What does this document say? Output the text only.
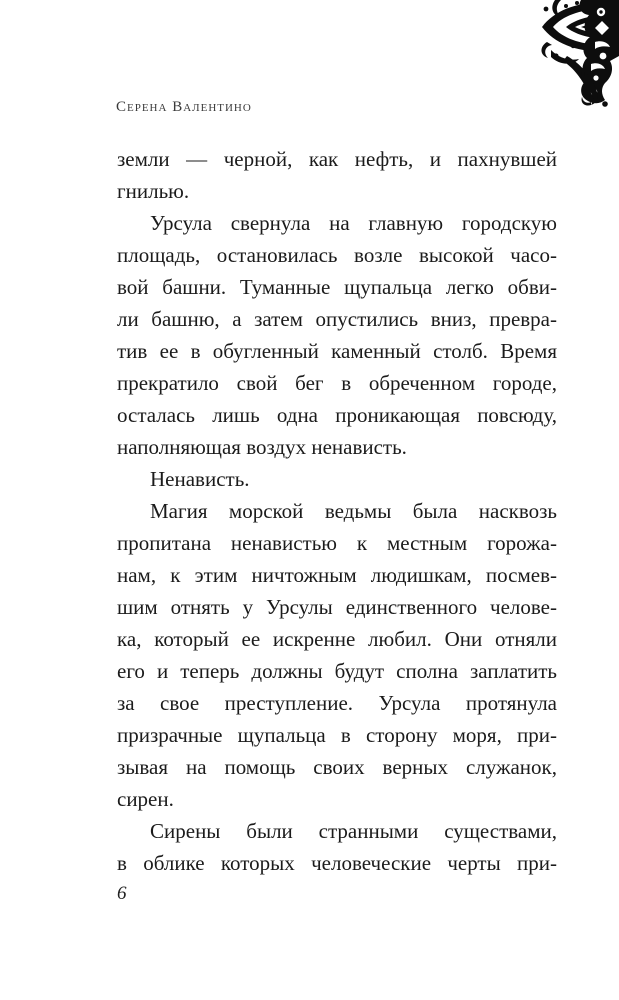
Серена Валентино
земли — черной, как нефть, и пахнувшей
гнилью.
Урсула свернула на главную городскую
площадь, остановилась возле высокой часо-
вой башни. Туманные щупальца легко обви-
ли башню, а затем опустились вниз, превра-
тив ее в обугленный каменный столб. Время
прекратило свой бег в обреченном городе,
осталась лишь одна проникающая повсюду,
наполняющая воздух ненависть.
Ненависть.
Магия морской ведьмы была насквозь
пропитана ненавистью к местным горожа-
нам, к этим ничтожным людишкам, посмев-
шим отнять у Урсулы единственного челове-
ка, который ее искренне любил. Они отняли
его и теперь должны будут сполна заплатить
за свое преступление. Урсула протянула
призрачные щупальца в сторону моря, при-
зывая на помощь своих верных служанок,
сирен.
Сирены были странными существами,
в облике которых человеческие черты при-
6
